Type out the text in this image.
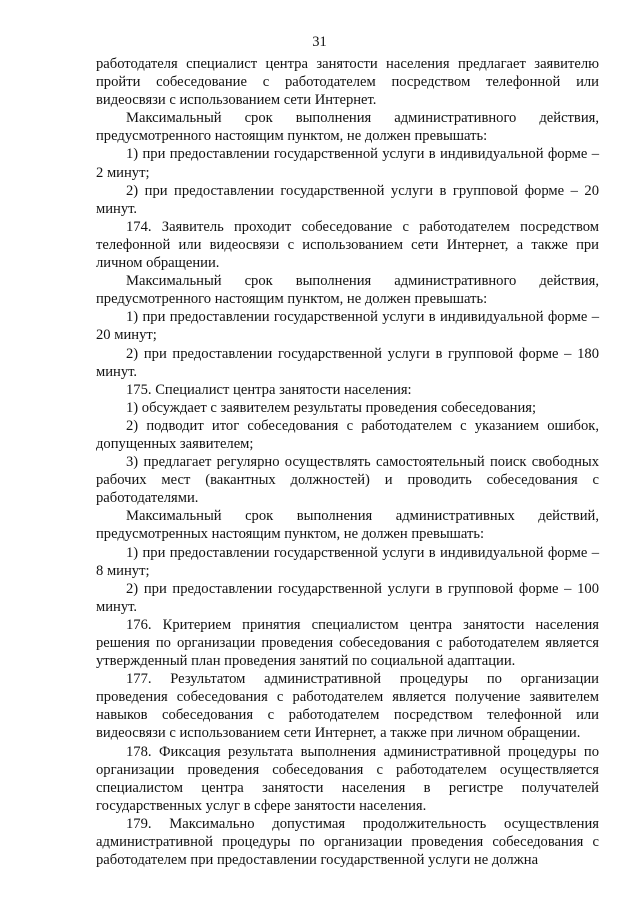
31

работодателя специалист центра занятости населения предлагает заявителю пройти собеседование с работодателем посредством телефонной или видеосвязи с использованием сети Интернет.

Максимальный срок выполнения административного действия, предусмотренного настоящим пунктом, не должен превышать:

1) при предоставлении государственной услуги в индивидуальной форме – 2 минут;

2) при предоставлении государственной услуги в групповой форме – 20 минут.

174. Заявитель проходит собеседование с работодателем посредством телефонной или видеосвязи с использованием сети Интернет, а также при личном обращении.

Максимальный срок выполнения административного действия, предусмотренного настоящим пунктом, не должен превышать:

1) при предоставлении государственной услуги в индивидуальной форме – 20 минут;

2) при предоставлении государственной услуги в групповой форме – 180 минут.

175. Специалист центра занятости населения:

1) обсуждает с заявителем результаты проведения собеседования;

2) подводит итог собеседования с работодателем с указанием ошибок, допущенных заявителем;

3) предлагает регулярно осуществлять самостоятельный поиск свободных рабочих мест (вакантных должностей) и проводить собеседования с работодателями.

Максимальный срок выполнения административных действий, предусмотренных настоящим пунктом, не должен превышать:

1) при предоставлении государственной услуги в индивидуальной форме – 8 минут;

2) при предоставлении государственной услуги в групповой форме – 100 минут.

176. Критерием принятия специалистом центра занятости населения решения по организации проведения собеседования с работодателем является утвержденный план проведения занятий по социальной адаптации.

177. Результатом административной процедуры по организации проведения собеседования с работодателем является получение заявителем навыков собеседования с работодателем посредством телефонной или видеосвязи с использованием сети Интернет, а также при личном обращении.

178. Фиксация результата выполнения административной процедуры по организации проведения собеседования с работодателем осуществляется специалистом центра занятости населения в регистре получателей государственных услуг в сфере занятости населения.

179. Максимально допустимая продолжительность осуществления административной процедуры по организации проведения собеседования с работодателем при предоставлении государственной услуги не должна
